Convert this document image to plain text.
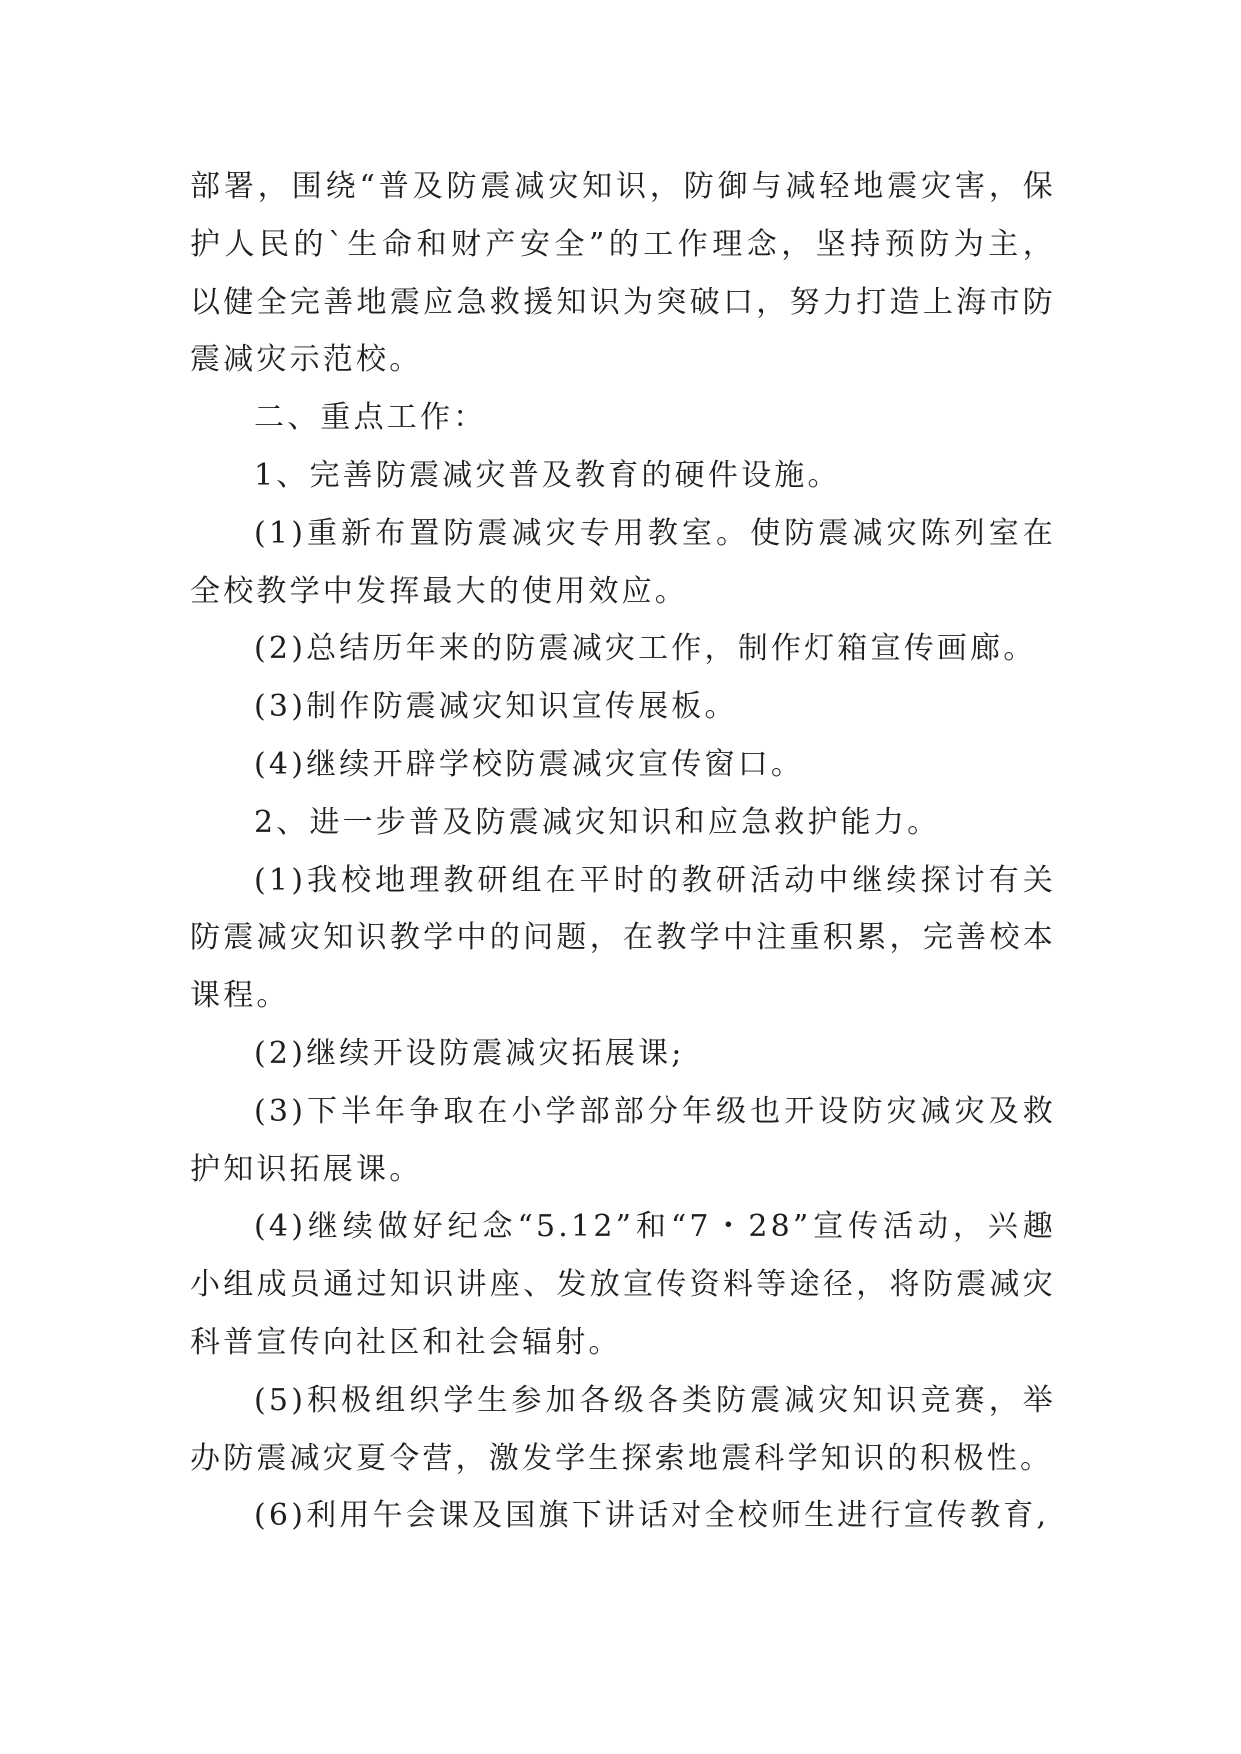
部署，围绕“普及防震减灾知识，防御与减轻地震灾害，保护人民的`生命和财产安全”的工作理念，坚持预防为主，以健全完善地震应急救援知识为突破口，努力打造上海市防震减灾示范校。

二、重点工作：

1、完善防震减灾普及教育的硬件设施。

(1)重新布置防震减灾专用教室。使防震减灾陈列室在全校教学中发挥最大的使用效应。

(2)总结历年来的防震减灾工作，制作灯箱宣传画廊。

(3)制作防震减灾知识宣传展板。

(4)继续开辟学校防震减灾宣传窗口。

2、进一步普及防震减灾知识和应急救护能力。

(1)我校地理教研组在平时的教研活动中继续探讨有关防震减灾知识教学中的问题，在教学中注重积累，完善校本课程。

(2)继续开设防震减灾拓展课;

(3)下半年争取在小学部部分年级也开设防灾减灾及救护知识拓展课。

(4)继续做好纪念“5.12”和“7・28”宣传活动，兴趣小组成员通过知识讲座、发放宣传资料等途径，将防震减灾科普宣传向社区和社会辐射。

(5)积极组织学生参加各级各类防震减灾知识竞赛，举办防震减灾夏令营，激发学生探索地震科学知识的积极性。

(6)利用午会课及国旗下讲话对全校师生进行宣传教育,
